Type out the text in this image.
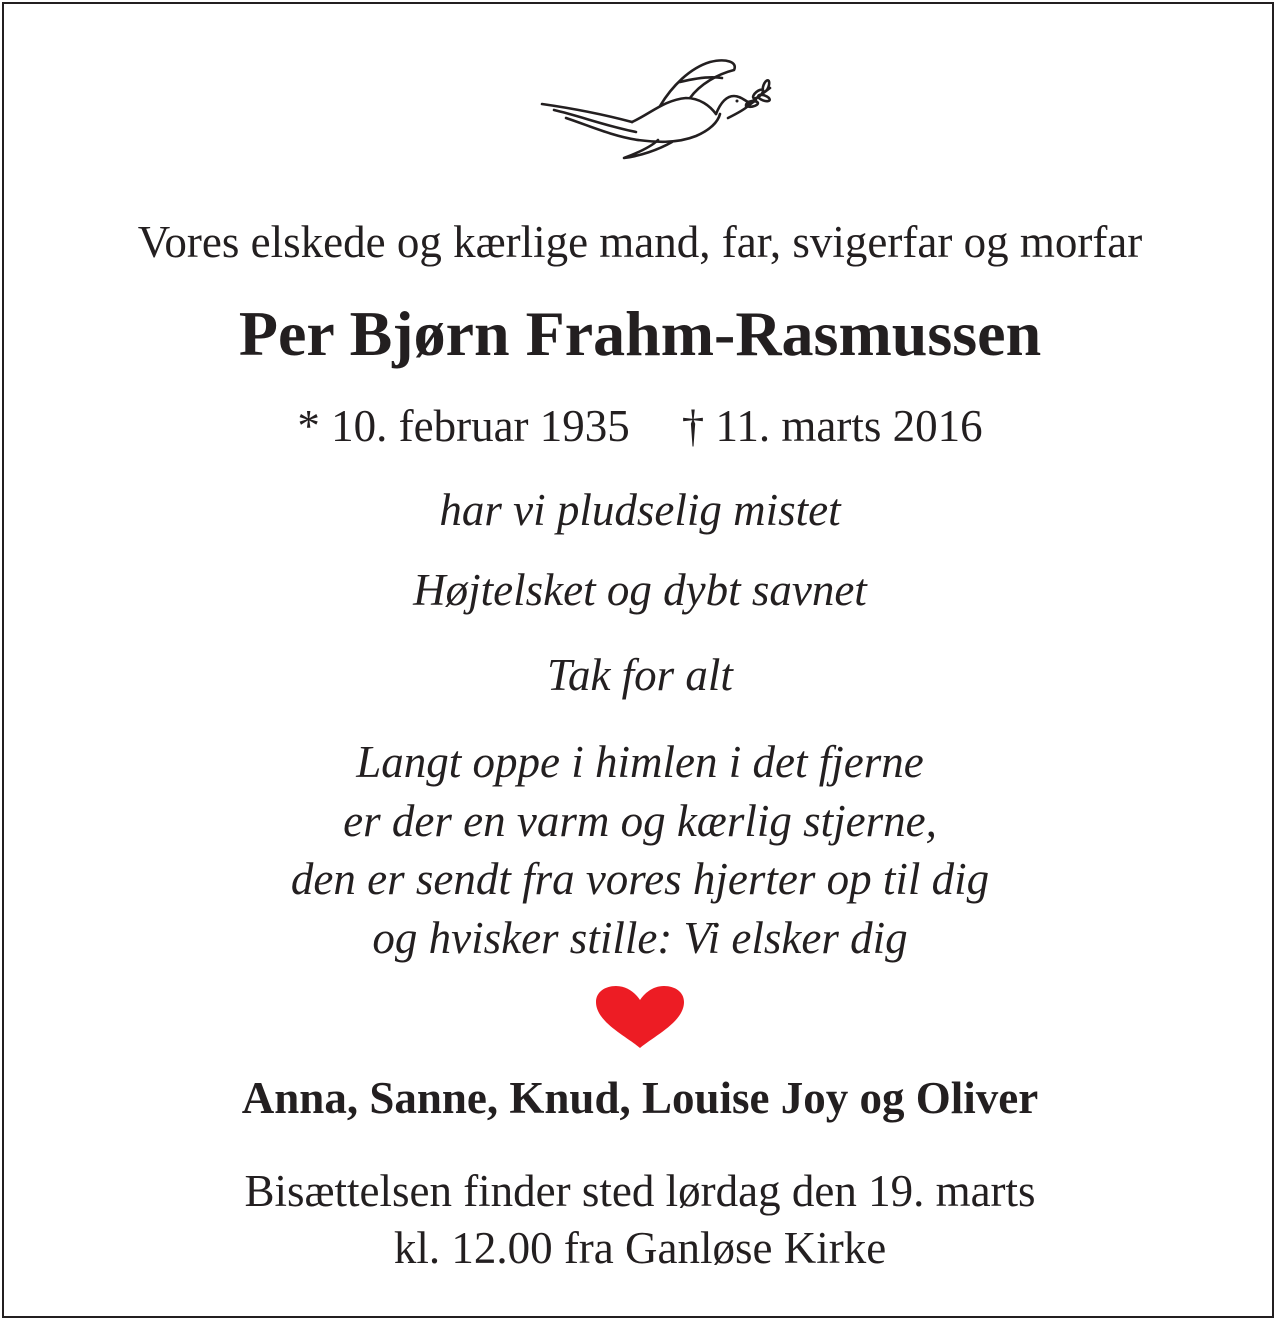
Vores elskede og kærlige mand, far, svigerfar og morfar
Per Bjørn Frahm-Rasmussen
* 10. februar 1935 † 11. marts 2016
har vi pludselig mistet
Højtelsket og dybt savnet
Tak for alt
Langt oppe i himlen i det fjerne
er der en varm og kærlig stjerne,
den er sendt fra vores hjerter op til dig
og hvisker stille: Vi elsker dig
Anna, Sanne, Knud, Louise Joy og Oliver
Bisættelsen finder sted lørdag den 19. marts
kl. 12.00 fra Ganløse Kirke
